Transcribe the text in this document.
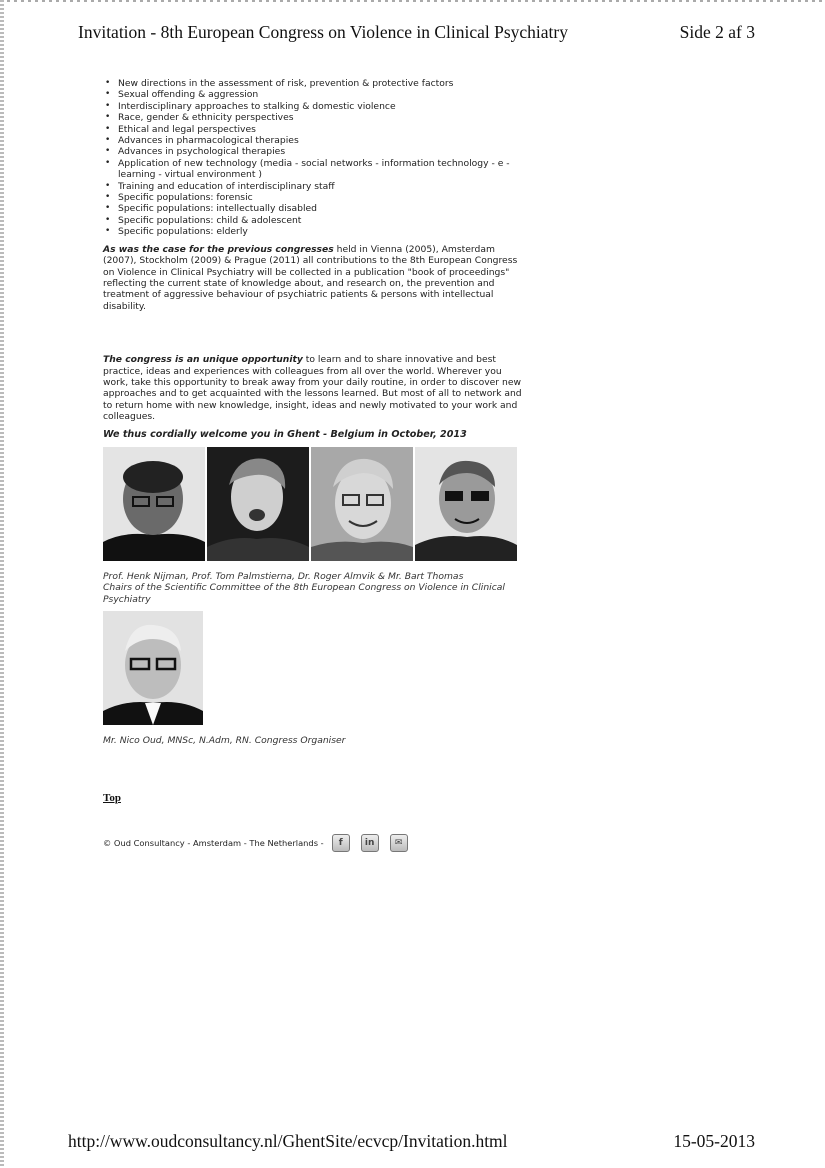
Invitation - 8th European Congress on Violence in Clinical Psychiatry	Side 2 af 3
• New directions in the assessment of risk, prevention & protective factors
• Sexual offending & aggression
• Interdisciplinary approaches to stalking & domestic violence
• Race, gender & ethnicity perspectives
• Ethical and legal perspectives
• Advances in pharmacological therapies
• Advances in psychological therapies
• Application of new technology (media - social networks - information technology - e -learning - virtual environment )
• Training and education of interdisciplinary staff
• Specific populations: forensic
• Specific populations: intellectually disabled
• Specific populations: child & adolescent
• Specific populations: elderly

As was the case for the previous congresses held in Vienna (2005), Amsterdam (2007), Stockholm (2009) & Prague (2011) all contributions to the 8th European Congress on Violence in Clinical Psychiatry will be collected in a publication "book of proceedings" reflecting the current state of knowledge about, and research on, the prevention and treatment of aggressive behaviour of psychiatric patients & persons with intellectual disability.

The congress is an unique opportunity to learn and to share innovative and best practice, ideas and experiences with colleagues from all over the world. Wherever you work, take this opportunity to break away from your daily routine, in order to discover new approaches and to get acquainted with the lessons learned. But most of all to network and to return home with new knowledge, insight, ideas and newly motivated to your work and colleagues.

We thus cordially welcome you in Ghent - Belgium in October, 2013
Prof. Henk Nijman, Prof. Tom Palmstierna, Dr. Roger Almvik & Mr. Bart Thomas
Chairs of the Scientific Committee of the 8th European Congress on Violence in Clinical Psychiatry
Mr. Nico Oud, MNSc, N.Adm, RN. Congress Organiser
Top
© Oud Consultancy - Amsterdam - The Netherlands -	f	in	✉
http://www.oudconsultancy.nl/GhentSite/ecvcp/Invitation.html	15-05-2013
